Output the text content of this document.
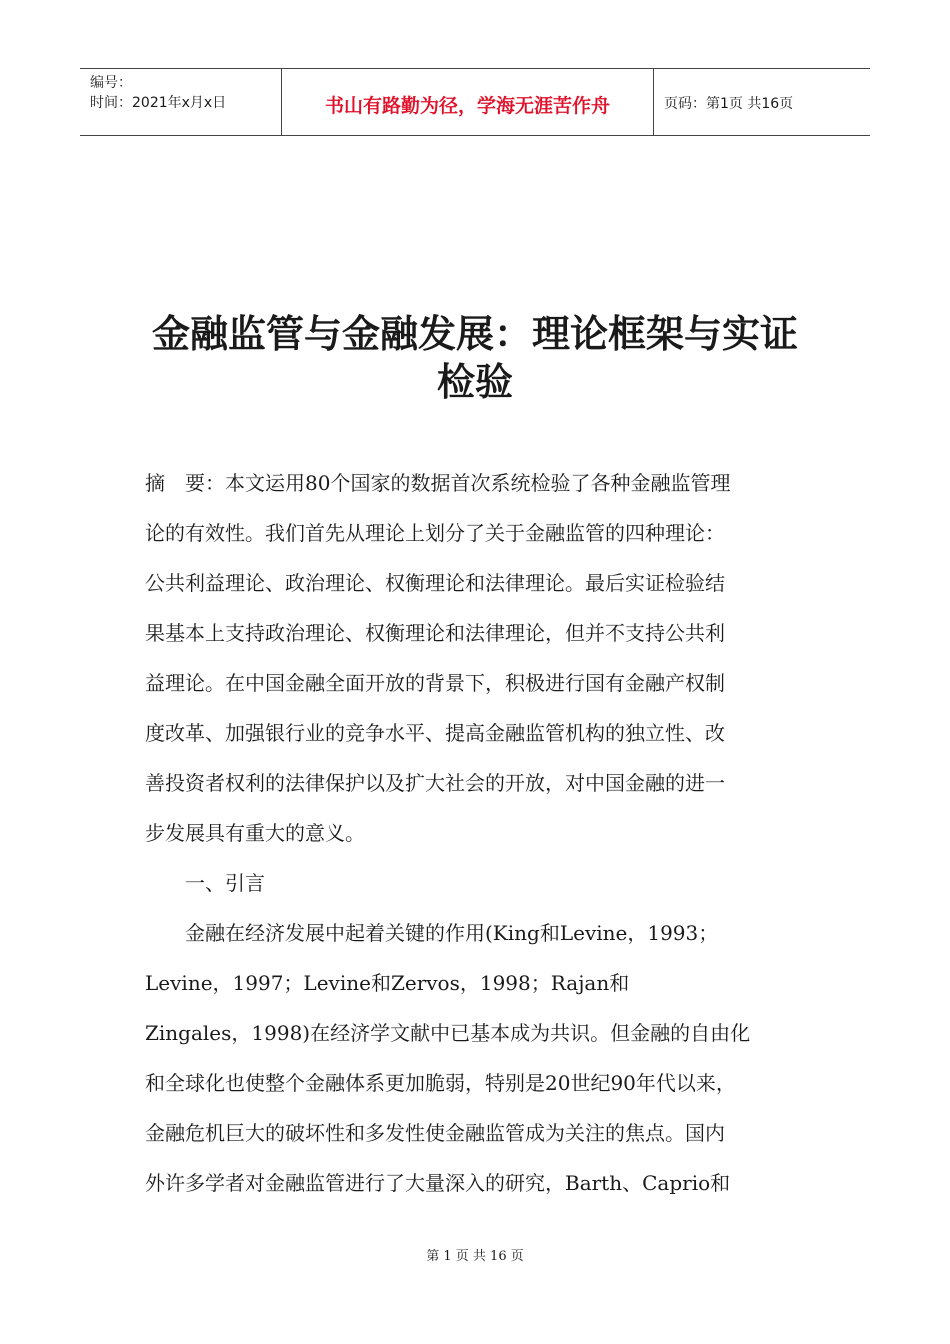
编号：
时间：2021年x月x日	书山有路勤为径，学海无涯苦作舟	页码：第1页 共16页
金融监管与金融发展：理论框架与实证
检验
摘　要：本文运用80个国家的数据首次系统检验了各种金融监管理
论的有效性。我们首先从理论上划分了关于金融监管的四种理论：
公共利益理论、政治理论、权衡理论和法律理论。最后实证检验结
果基本上支持政治理论、权衡理论和法律理论，但并不支持公共利
益理论。在中国金融全面开放的背景下，积极进行国有金融产权制
度改革、加强银行业的竞争水平、提高金融监管机构的独立性、改
善投资者权利的法律保护以及扩大社会的开放，对中国金融的进一
步发展具有重大的意义。
　　一、引言
　　金融在经济发展中起着关键的作用(King和Levine，1993；
Levine，1997；Levine和Zervos，1998；Rajan和
Zingales，1998)在经济学文献中已基本成为共识。但金融的自由化
和全球化也使整个金融体系更加脆弱，特别是20世纪90年代以来，
金融危机巨大的破坏性和多发性使金融监管成为关注的焦点。国内
外许多学者对金融监管进行了大量深入的研究，Barth、Caprio和
第 1 页 共 16 页
